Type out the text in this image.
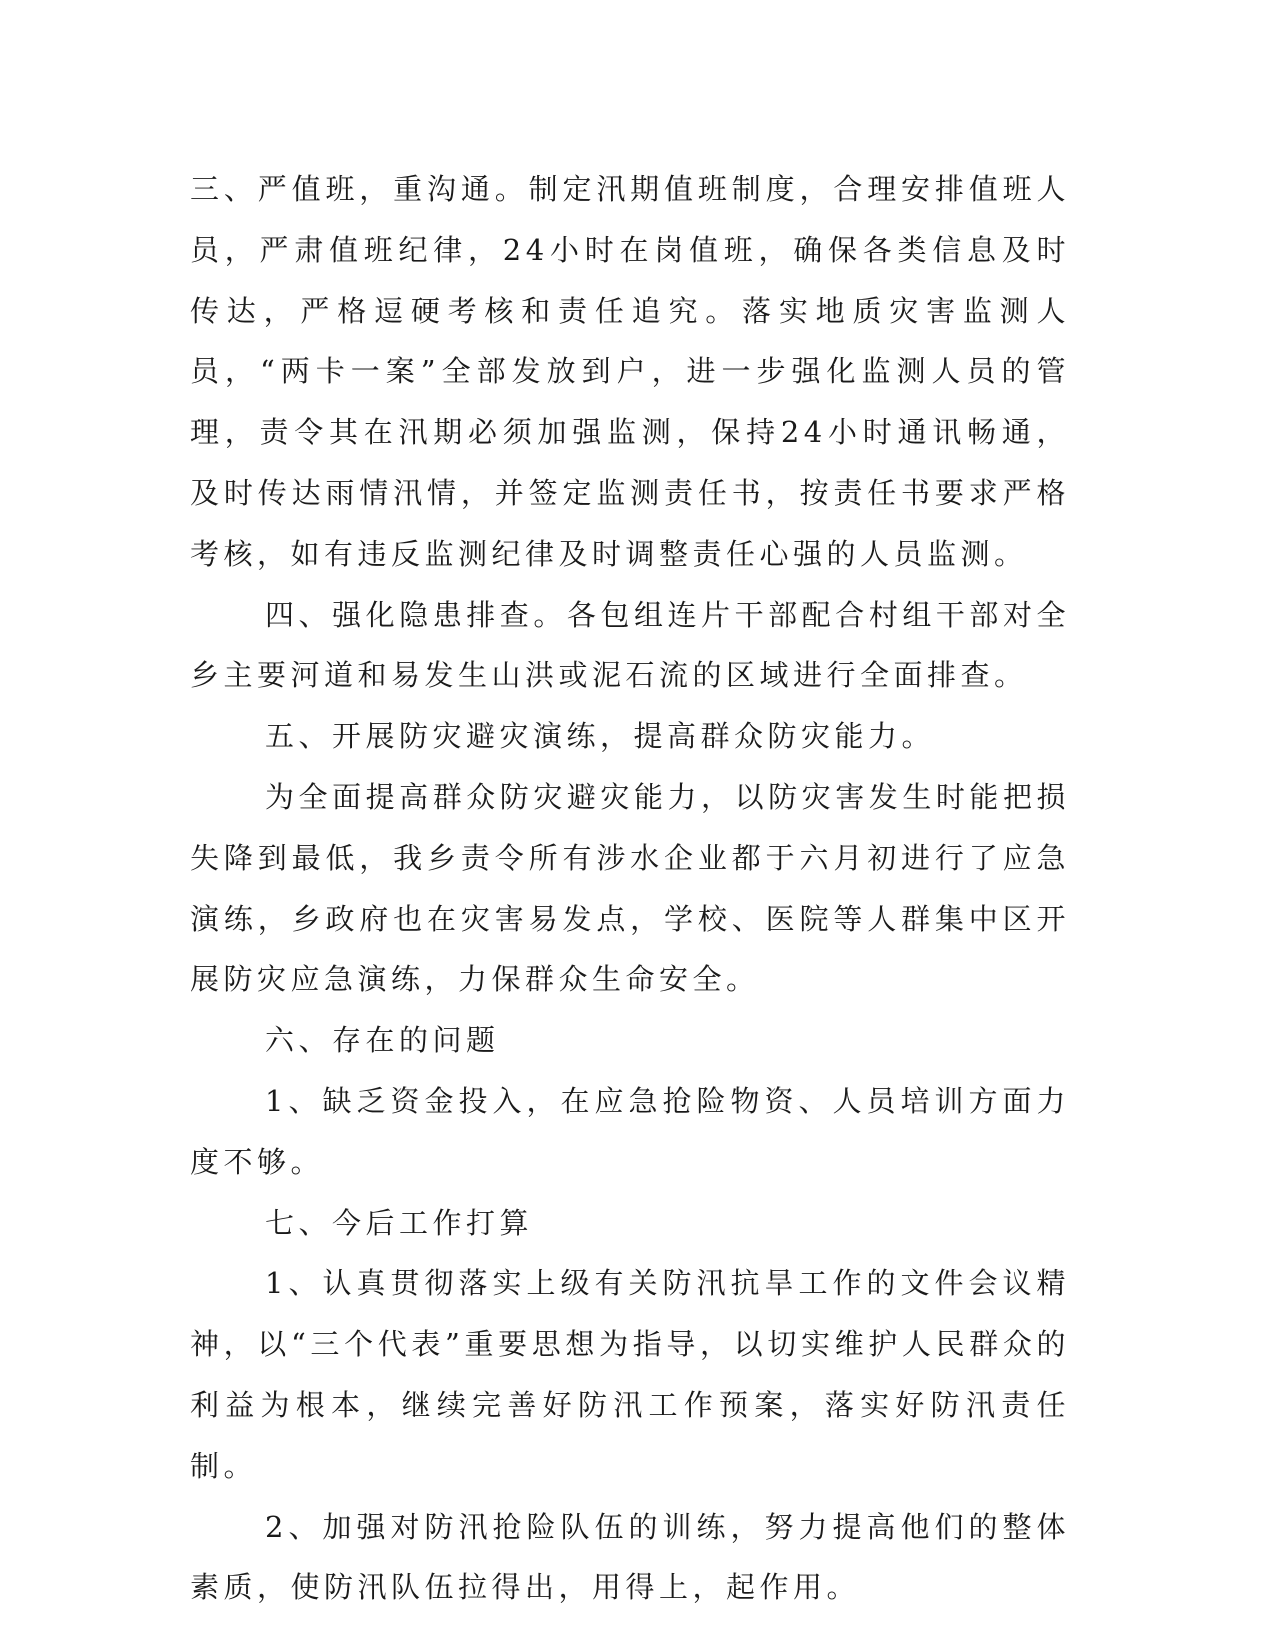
三、严值班，重沟通。制定汛期值班制度，合理安排值班人员，严肃值班纪律，24小时在岗值班，确保各类信息及时传达，严格逗硬考核和责任追究。落实地质灾害监测人员，“两卡一案”全部发放到户，进一步强化监测人员的管理，责令其在汛期必须加强监测，保持24小时通讯畅通，及时传达雨情汛情，并签定监测责任书，按责任书要求严格考核，如有违反监测纪律及时调整责任心强的人员监测。

四、强化隐患排查。各包组连片干部配合村组干部对全乡主要河道和易发生山洪或泥石流的区域进行全面排查。

五、开展防灾避灾演练，提高群众防灾能力。

为全面提高群众防灾避灾能力，以防灾害发生时能把损失降到最低，我乡责令所有涉水企业都于六月初进行了应急演练，乡政府也在灾害易发点，学校、医院等人群集中区开展防灾应急演练，力保群众生命安全。

六、存在的问题

1、缺乏资金投入，在应急抢险物资、人员培训方面力度不够。

七、今后工作打算

1、认真贯彻落实上级有关防汛抗旱工作的文件会议精神，以“三个代表”重要思想为指导，以切实维护人民群众的利益为根本，继续完善好防汛工作预案，落实好防汛责任制。

2、加强对防汛抢险队伍的训练，努力提高他们的整体素质，使防汛队伍拉得出，用得上，起作用。
